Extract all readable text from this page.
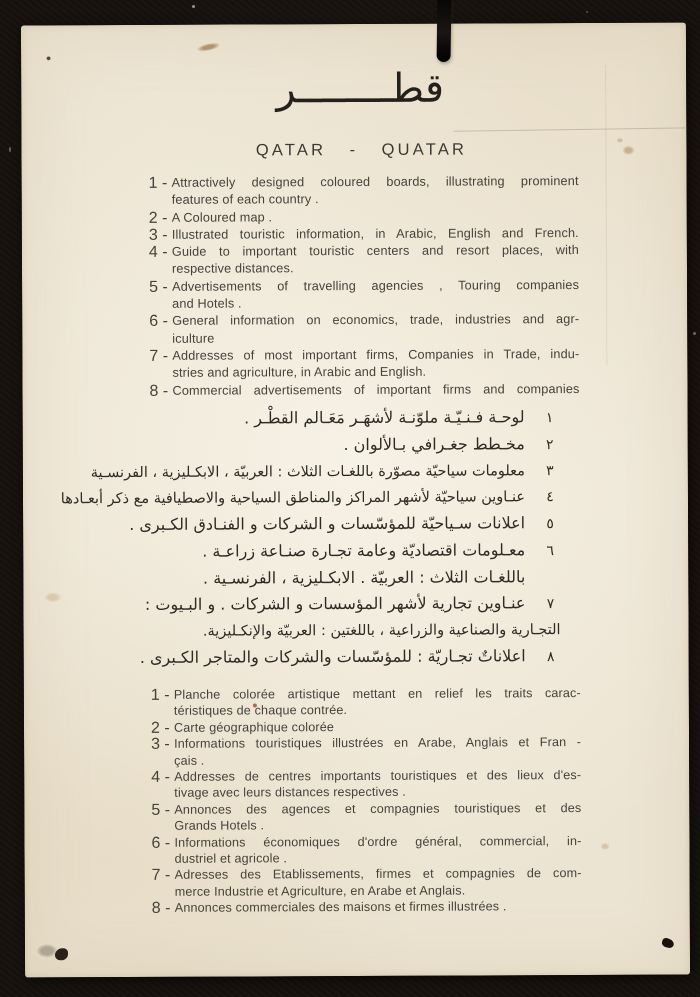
قطــــــــر
QATAR   -   QUATAR
1 - Attractively designed coloured boards, illustrating prominent
features of each country .
2 - A Coloured map .
3 - Illustrated touristic information, in Arabic, English and French.
4 - Guide to important touristic centers and resort places, with
respective distances.
5 - Advertisements of travelling agencies , Touring companies
and Hotels .
6 - General information on economics, trade, industries and agr-
iculture
7 - Addresses of most important firms, Companies in Trade, indu-
stries and agriculture, in Arabic and English.
8 - Commercial advertisements of important firms and companies
١لوحـة فـنـيّـة ملوّنـة لأشهَـر مَعَـالم القطْـر .
٢مخـطط جغـرافي بـالألوان .
٣معلومات سياحيّة مصوّرة باللغـات الثلاث : العربيّة ، الابكـليزية ، الفرنسـية
٤عنـاوين سياحيّة لأشهر المراكز والمناطق السياحية والاصطيافية مع ذكر أبعـادها
٥اعلانات سـياحيّة للمؤسّسات و الشركات و الفنـادق الكـبرى .
٦معـلومات اقتصاديّة وعامة تجـارة صنـاعة زراعـة .
باللغـات الثلاث : العربيّة . الابكـليزية ، الفرنسـية .
٧عنـاوين تجارية لأشهر المؤسسات و الشركات . و البـيوت :
التجـارية والصناعية والزراعية ، باللغتين : العربيّة والإنكـليزية.
٨اعلاناتٌ تجـاريّة : للمؤسّسات والشركات والمتاجر الكـبرى .
1 - Planche colorée artistique mettant en relief les traits carac-
téristiques de chaque contrée.
2 - Carte géographique colorée
3 - Informations touristiques illustrées en Arabe, Anglais et Fran -
çais .
4 - Addresses de centres importants touristiques et des lieux d'es-
tivage avec leurs distances respectives .
5 - Annonces des agences et compagnies touristiques et des
Grands Hotels .
6 - Informations économiques d'ordre général, commercial, in-
dustriel et agricole .
7 - Adresses des Etablissements, firmes et compagnies de com-
merce Industrie et Agriculture, en Arabe et Anglais.
8 - Annonces commerciales des maisons et firmes illustrées .
